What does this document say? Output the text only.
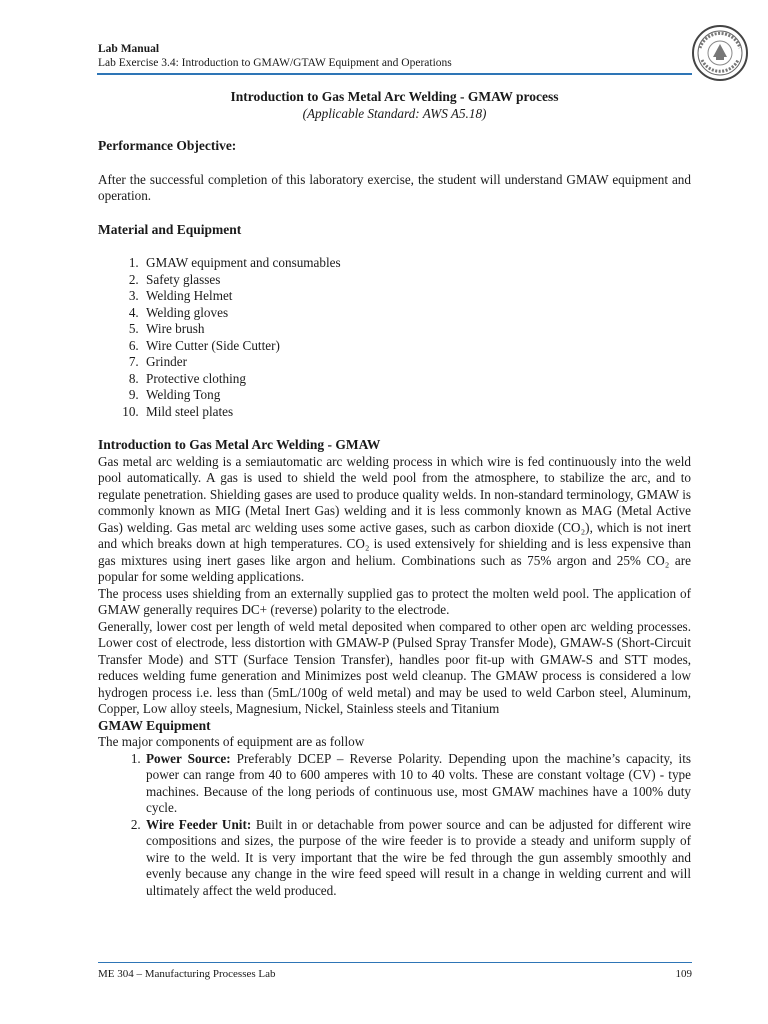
Lab Manual
Lab Exercise 3.4: Introduction to GMAW/GTAW Equipment and Operations
Introduction to Gas Metal Arc Welding - GMAW process
(Applicable Standard: AWS A5.18)
Performance Objective:

After the successful completion of this laboratory exercise, the student will understand GMAW equipment and operation.

Material and Equipment
1. GMAW equipment and consumables
2. Safety glasses
3. Welding Helmet
4. Welding gloves
5. Wire brush
6. Wire Cutter (Side Cutter)
7. Grinder
8. Protective clothing
9. Welding Tong
10. Mild steel plates
Introduction to Gas Metal Arc Welding - GMAW

Gas metal arc welding is a semiautomatic arc welding process in which wire is fed continuously into the weld pool automatically. A gas is used to shield the weld pool from the atmosphere, to stabilize the arc, and to regulate penetration. Shielding gases are used to produce quality welds. In non-standard terminology, GMAW is commonly known as MIG (Metal Inert Gas) welding and it is less commonly known as MAG (Metal Active Gas) welding. Gas metal arc welding uses some active gases, such as carbon dioxide (CO₂), which is not inert and which breaks down at high temperatures. CO₂ is used extensively for shielding and is less expensive than gas mixtures using inert gases like argon and helium. Combinations such as 75% argon and 25% CO₂ are popular for some welding applications.

The process uses shielding from an externally supplied gas to protect the molten weld pool. The application of GMAW generally requires DC+ (reverse) polarity to the electrode.

Generally, lower cost per length of weld metal deposited when compared to other open arc welding processes. Lower cost of electrode, less distortion with GMAW-P (Pulsed Spray Transfer Mode), GMAW-S (Short-Circuit Transfer Mode) and STT (Surface Tension Transfer), handles poor fit-up with GMAW-S and STT modes, reduces welding fume generation and Minimizes post weld cleanup. The GMAW process is considered a low hydrogen process i.e. less than (5mL/100g of weld metal) and may be used to weld Carbon steel, Aluminum, Copper, Low alloy steels, Magnesium, Nickel, Stainless steels and Titanium

GMAW Equipment

The major components of equipment are as follow

1. Power Source: Preferably DCEP – Reverse Polarity. Depending upon the machine’s capacity, its power can range from 40 to 600 amperes with 10 to 40 volts. These are constant voltage (CV) - type machines. Because of the long periods of continuous use, most GMAW machines have a 100% duty cycle.
2. Wire Feeder Unit: Built in or detachable from power source and can be adjusted for different wire compositions and sizes, the purpose of the wire feeder is to provide a steady and uniform supply of wire to the weld. It is very important that the wire be fed through the gun assembly smoothly and evenly because any change in the wire feed speed will result in a change in welding current and will ultimately affect the weld produced.
ME 304 – Manufacturing Processes Lab	109
